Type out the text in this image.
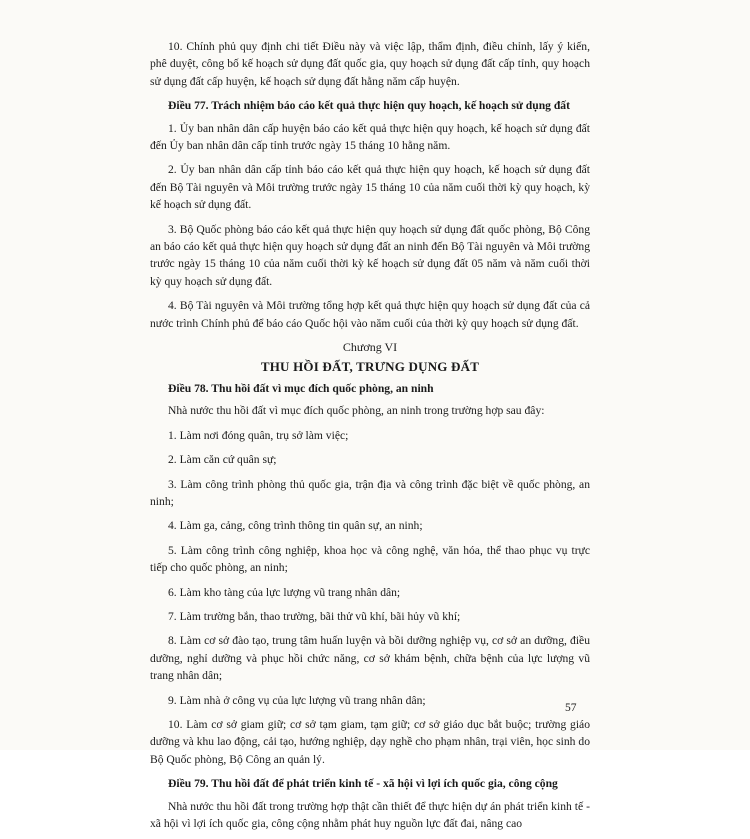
10. Chính phủ quy định chi tiết Điều này và việc lập, thẩm định, điều chỉnh, lấy ý kiến, phê duyệt, công bố kế hoạch sử dụng đất quốc gia, quy hoạch sử dụng đất cấp tỉnh, quy hoạch sử dụng đất cấp huyện, kế hoạch sử dụng đất hằng năm cấp huyện.

Điều 77. Trách nhiệm báo cáo kết quả thực hiện quy hoạch, kế hoạch sử dụng đất

1. Ủy ban nhân dân cấp huyện báo cáo kết quả thực hiện quy hoạch, kế hoạch sử dụng đất đến Ủy ban nhân dân cấp tỉnh trước ngày 15 tháng 10 hằng năm.

2. Ủy ban nhân dân cấp tỉnh báo cáo kết quả thực hiện quy hoạch, kế hoạch sử dụng đất đến Bộ Tài nguyên và Môi trường trước ngày 15 tháng 10 của năm cuối thời kỳ quy hoạch, kỳ kế hoạch sử dụng đất.

3. Bộ Quốc phòng báo cáo kết quả thực hiện quy hoạch sử dụng đất quốc phòng, Bộ Công an báo cáo kết quả thực hiện quy hoạch sử dụng đất an ninh đến Bộ Tài nguyên và Môi trường trước ngày 15 tháng 10 của năm cuối thời kỳ kế hoạch sử dụng đất 05 năm và năm cuối thời kỳ quy hoạch sử dụng đất.

4. Bộ Tài nguyên và Môi trường tổng hợp kết quả thực hiện quy hoạch sử dụng đất của cả nước trình Chính phủ để báo cáo Quốc hội vào năm cuối của thời kỳ quy hoạch sử dụng đất.

Chương VI

THU HỒI ĐẤT, TRƯNG DỤNG ĐẤT

Điều 78. Thu hồi đất vì mục đích quốc phòng, an ninh

Nhà nước thu hồi đất vì mục đích quốc phòng, an ninh trong trường hợp sau đây:

1. Làm nơi đóng quân, trụ sở làm việc;

2. Làm căn cứ quân sự;

3. Làm công trình phòng thủ quốc gia, trận địa và công trình đặc biệt về quốc phòng, an ninh;

4. Làm ga, cảng, công trình thông tin quân sự, an ninh;

5. Làm công trình công nghiệp, khoa học và công nghệ, văn hóa, thể thao phục vụ trực tiếp cho quốc phòng, an ninh;

6. Làm kho tàng của lực lượng vũ trang nhân dân;

7. Làm trường bắn, thao trường, bãi thử vũ khí, bãi hủy vũ khí;

8. Làm cơ sở đào tạo, trung tâm huấn luyện và bồi dưỡng nghiệp vụ, cơ sở an dưỡng, điều dưỡng, nghỉ dưỡng và phục hồi chức năng, cơ sở khám bệnh, chữa bệnh của lực lượng vũ trang nhân dân;

9. Làm nhà ở công vụ của lực lượng vũ trang nhân dân;

10. Làm cơ sở giam giữ; cơ sở tạm giam, tạm giữ; cơ sở giáo dục bắt buộc; trường giáo dưỡng và khu lao động, cải tạo, hướng nghiệp, dạy nghề cho phạm nhân, trại viên, học sinh do Bộ Quốc phòng, Bộ Công an quản lý.

Điều 79. Thu hồi đất để phát triển kinh tế - xã hội vì lợi ích quốc gia, công cộng

Nhà nước thu hồi đất trong trường hợp thật cần thiết để thực hiện dự án phát triển kinh tế - xã hội vì lợi ích quốc gia, công cộng nhằm phát huy nguồn lực đất đai, nâng cao

57
